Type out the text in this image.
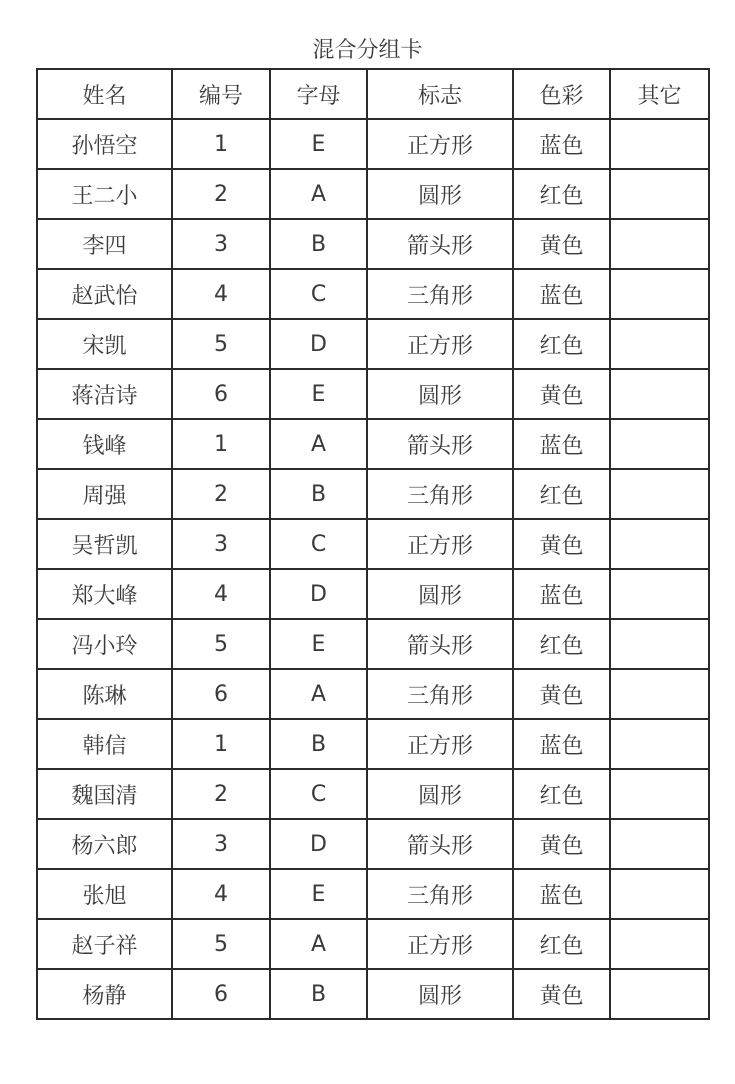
混合分组卡
姓名	编号	字母	标志	色彩	其它
孙悟空	1	E	正方形	蓝色	
王二小	2	A	圆形	红色	
李四	3	B	箭头形	黄色	
赵武怡	4	C	三角形	蓝色	
宋凯	5	D	正方形	红色	
蒋洁诗	6	E	圆形	黄色	
钱峰	1	A	箭头形	蓝色	
周强	2	B	三角形	红色	
吴哲凯	3	C	正方形	黄色	
郑大峰	4	D	圆形	蓝色	
冯小玲	5	E	箭头形	红色	
陈琳	6	A	三角形	黄色	
韩信	1	B	正方形	蓝色	
魏国清	2	C	圆形	红色	
杨六郎	3	D	箭头形	黄色	
张旭	4	E	三角形	蓝色	
赵子祥	5	A	正方形	红色	
杨静	6	B	圆形	黄色	
